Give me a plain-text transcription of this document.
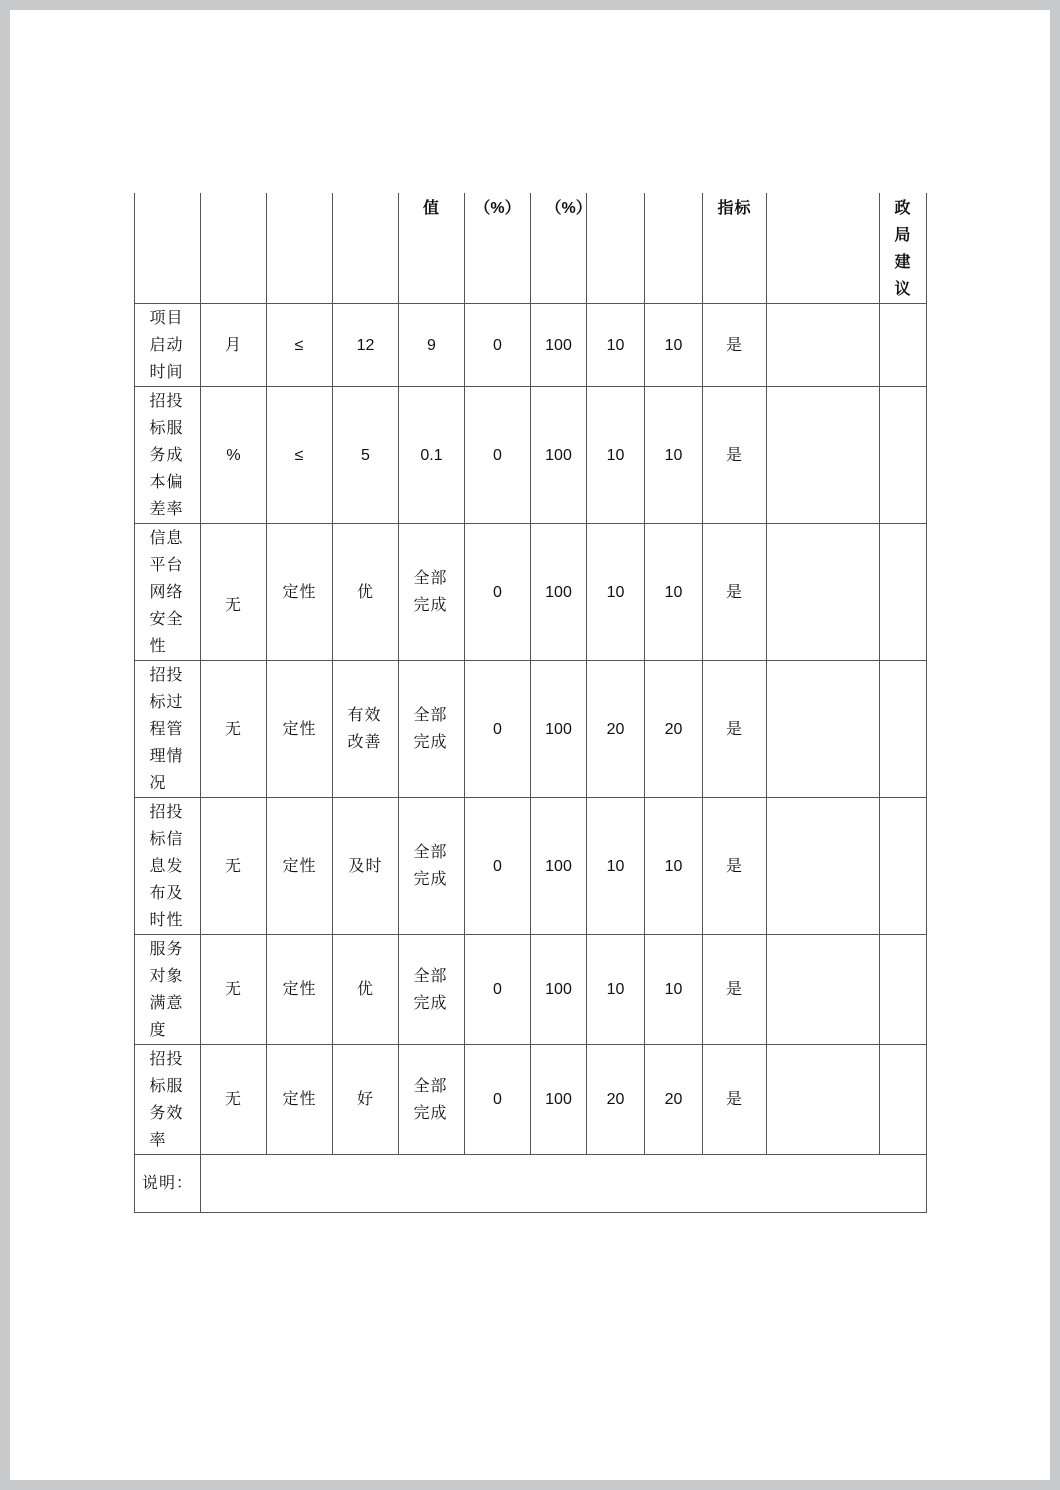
				值	（%）	（%）			指标		政局建议
项目启动时间	月	≤	12	9	0	100	10	10	是		
招投标服务成本偏差率	%	≤	5	0.1	0	100	10	10	是		
信息平台网络安全性	无	定性	优	全部完成	0	100	10	10	是		
招投标过程管理情况	无	定性	有效改善	全部完成	0	100	20	20	是		
招投标信息发布及时性	无	定性	及时	全部完成	0	100	10	10	是		
服务对象满意度	无	定性	优	全部完成	0	100	10	10	是		
招投标服务效率	无	定性	好	全部完成	0	100	20	20	是		
说明：											
